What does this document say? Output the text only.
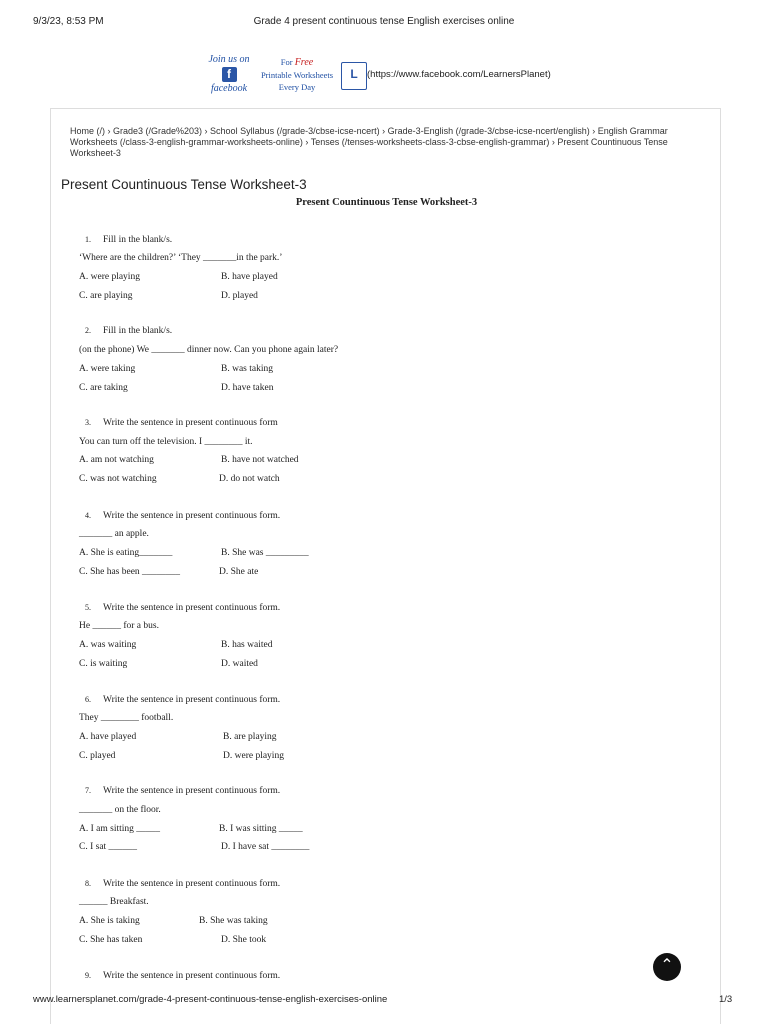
9/3/23, 8:53 PM	Grade 4 present continuous tense English exercises online
Join us on
f
facebook
For Free
Printable Worksheets
Every Day
L (https://www.facebook.com/LearnersPlanet)
Home (/) › Grade3 (/Grade%203) › School Syllabus (/grade-3/cbse-icse-ncert) › Grade-3-English (/grade-3/cbse-icse-ncert/english) › English Grammar Worksheets (/class-3-english-grammar-worksheets-online) › Tenses (/tenses-worksheets-class-3-cbse-english-grammar) › Present Countinuous Tense Worksheet-3
Present Countinuous Tense Worksheet-3
Present Countinuous Tense Worksheet-3
1. Fill in the blank/s.
‘Where are the children?’ ‘They _______in the park.’
A. were playing	B. have played
C. are playing	D. played
2. Fill in the blank/s.
(on the phone) We _______ dinner now. Can you phone again later?
A. were taking	B. was taking
C. are taking	D. have taken
3. Write the sentence in present continuous form
You can turn off the television. I ________ it.
A. am not watching	B. have not watched
C. was not watching	D. do not watch
4. Write the sentence in present continuous form.
_______ an apple.
A. She is eating_______	B. She was _________
C. She has been ________	D. She ate
5. Write the sentence in present continuous form.
He ______ for a bus.
A. was waiting	B. has waited
C. is waiting	D. waited
6. Write the sentence in present continuous form.
They ________ football.
A. have played	B. are playing
C. played	D. were playing
7. Write the sentence in present continuous form.
_______ on the floor.
A. I am sitting _____	B. I was sitting _____
C. I sat ______	D. I have sat ________
8. Write the sentence in present continuous form.
______ Breakfast.
A. She is taking	B. She was taking
C. She has taken	D. She took
9. Write the sentence in present continuous form.
⌃
www.learnersplanet.com/grade-4-present-continuous-tense-english-exercises-online	1/3
